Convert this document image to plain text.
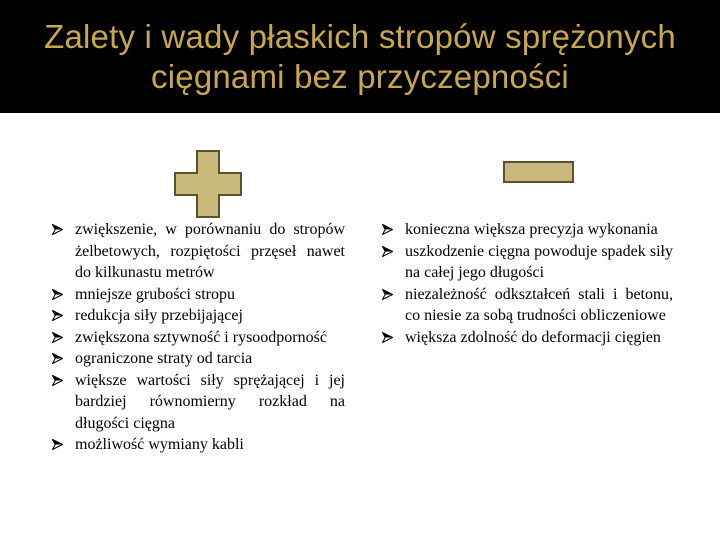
Zalety i wady płaskich stropów sprężonych
cięgnami bez przyczepności
zwiększenie, w porównaniu do stropów żelbetowych, rozpiętości przęseł nawet do kilkunastu metrów
mniejsze grubości stropu
redukcja siły przebijającej
zwiększona sztywność i rysoodporność
ograniczone straty od tarcia
większe wartości siły sprężającej i jej bardziej równomierny rozkład na długości cięgna
możliwość wymiany kabli
konieczna większa precyzja wykonania
uszkodzenie cięgna powoduje spadek siły na całej jego długości
niezależność odkształceń stali i betonu, co niesie za sobą trudności obliczeniowe
większa zdolność do deformacji cięgien
